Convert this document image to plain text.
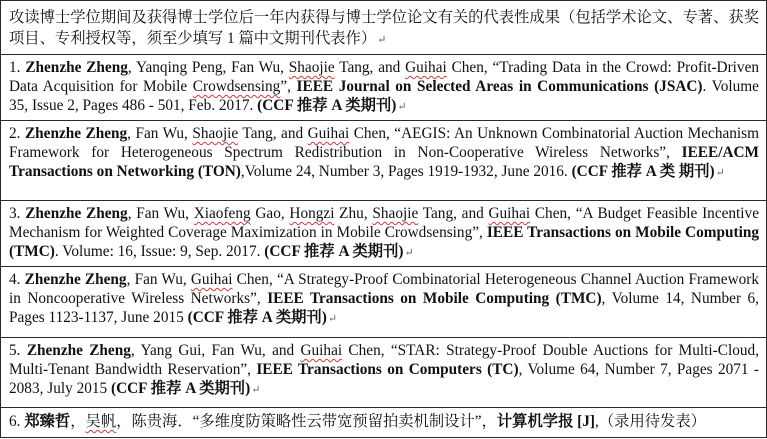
攻读博士学位期间及获得博士学位后一年内获得与博士学位论文有关的代表性成果（包括学术论文、专著、获奖项目、专利授权等，须至少填写 1 篇中文期刊代表作）↵
1. Zhenzhe Zheng, Yanqing Peng, Fan Wu, Shaojie Tang, and Guihai Chen, “Trading Data in the Crowd: Profit-Driven Data Acquisition for Mobile Crowdsensing”, IEEE Journal on Selected Areas in Communications (JSAC). Volume 35, Issue 2, Pages 486 - 501, Feb. 2017. (CCF 推荐 A 类期刊)↵
2. Zhenzhe Zheng, Fan Wu, Shaojie Tang, and Guihai Chen, “AEGIS: An Unknown Combinatorial Auction Mechanism Framework for Heterogeneous Spectrum Redistribution in Non-Cooperative Wireless Networks”, IEEE/ACM Transactions on Networking (TON),Volume 24, Number 3, Pages 1919-1932, June 2016. (CCF 推荐 A 类 期刊)↵
3. Zhenzhe Zheng, Fan Wu, Xiaofeng Gao, Hongzi Zhu, Shaojie Tang, and Guihai Chen, “A Budget Feasible Incentive Mechanism for Weighted Coverage Maximization in Mobile Crowdsensing”, IEEE Transactions on Mobile Computing (TMC). Volume: 16, Issue: 9, Sep. 2017. (CCF 推荐 A 类期刊)↵
4. Zhenzhe Zheng, Fan Wu, Guihai Chen, “A Strategy-Proof Combinatorial Heterogeneous Channel Auction Framework in Noncooperative Wireless Networks”, IEEE Transactions on Mobile Computing (TMC), Volume 14, Number 6, Pages 1123-1137, June 2015 (CCF 推荐 A 类期刊)↵
5. Zhenzhe Zheng, Yang Gui, Fan Wu, and Guihai Chen, “STAR: Strategy-Proof Double Auctions for Multi-Cloud, Multi-Tenant Bandwidth Reservation”, IEEE Transactions on Computers (TC), Volume 64, Number 7, Pages 2071 - 2083, July 2015 (CCF 推荐 A 类期刊)↵
6. 郑臻哲，吴帆，陈贵海．“多维度防策略性云带宽预留拍卖机制设计”，计算机学报 [J],（录用待发表）
